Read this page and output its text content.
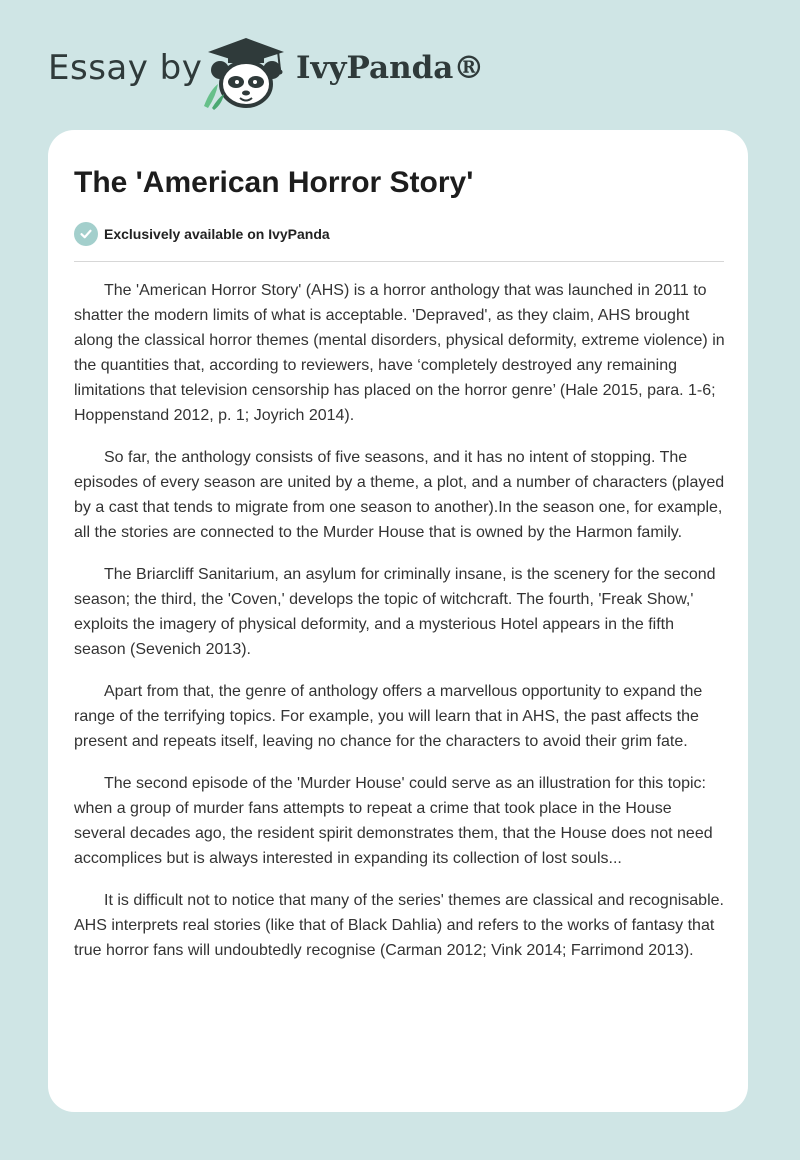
Essay by	IvyPanda®
The 'American Horror Story'
Exclusively available on IvyPanda

The 'American Horror Story' (AHS) is a horror anthology that was launched in 2011 to shatter the modern limits of what is acceptable. 'Depraved', as they claim, AHS brought along the classical horror themes (mental disorders, physical deformity, extreme violence) in the quantities that, according to reviewers, have ‘completely destroyed any remaining limitations that television censorship has placed on the horror genre’ (Hale 2015, para. 1-6; Hoppenstand 2012, p. 1; Joyrich 2014).

So far, the anthology consists of five seasons, and it has no intent of stopping. The episodes of every season are united by a theme, a plot, and a number of characters (played by a cast that tends to migrate from one season to another).In the season one, for example, all the stories are connected to the Murder House that is owned by the Harmon family.

The Briarcliff Sanitarium, an asylum for criminally insane, is the scenery for the second season; the third, the 'Coven,' develops the topic of witchcraft. The fourth, 'Freak Show,' exploits the imagery of physical deformity, and a mysterious Hotel appears in the fifth season (Sevenich 2013).

Apart from that, the genre of anthology offers a marvellous opportunity to expand the range of the terrifying topics. For example, you will learn that in AHS, the past affects the present and repeats itself, leaving no chance for the characters to avoid their grim fate.

The second episode of the 'Murder House' could serve as an illustration for this topic: when a group of murder fans attempts to repeat a crime that took place in the House several decades ago, the resident spirit demonstrates them, that the House does not need accomplices but is always interested in expanding its collection of lost souls...

It is difficult not to notice that many of the series' themes are classical and recognisable. AHS interprets real stories (like that of Black Dahlia) and refers to the works of fantasy that true horror fans will undoubtedly recognise (Carman 2012; Vink 2014; Farrimond 2013).
